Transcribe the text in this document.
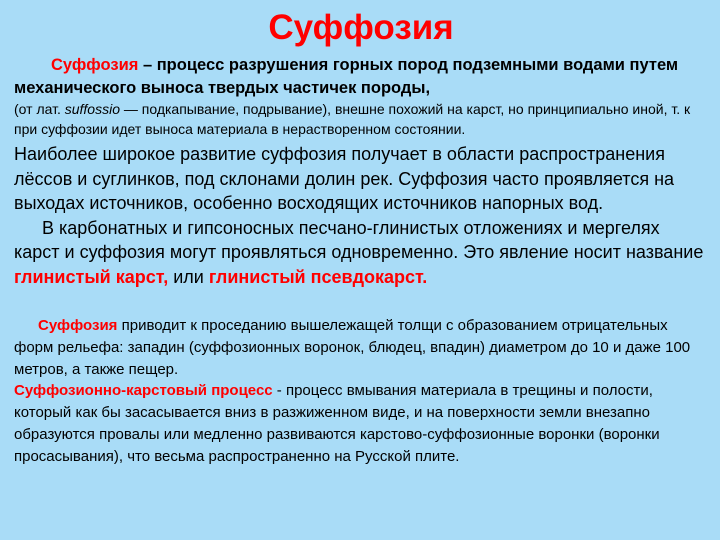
Суффозия

Суффозия – процесс разрушения горных пород подземными водами путем механического выноса твердых частичек породы,

(от лат. suffossio — подкапывание, подрывание), внешне похожий на карст, но принципиально иной, т. к при суффозии идет выноса материала в нерастворенном состоянии.

Наиболее широкое развитие суффозия получает в области распространения лёссов и суглинков, под склонами долин рек. Суффозия часто проявляется на выходах источников, особенно восходящих источников напорных вод.

В карбонатных и гипсоносных песчано-глинистых отложениях и мергелях карст и суффозия могут проявляться одновременно. Это явление носит название глинистый карст, или глинистый псевдокарст.

Суффозия приводит к проседанию вышележащей толщи с образованием отрицательных форм рельефа: западин (суффозионных воронок, блюдец, впадин) диаметром до 10 и даже 100 метров, а также пещер.

Суффозионно-карстовый процесс - процесс вмывания материала в трещины и полости, который как бы засасывается вниз в разжиженном виде, и на поверхности земли внезапно образуются провалы или медленно развиваются карстово-суффозионные воронки (воронки просасывания), что весьма распространенно на Русской плите.
